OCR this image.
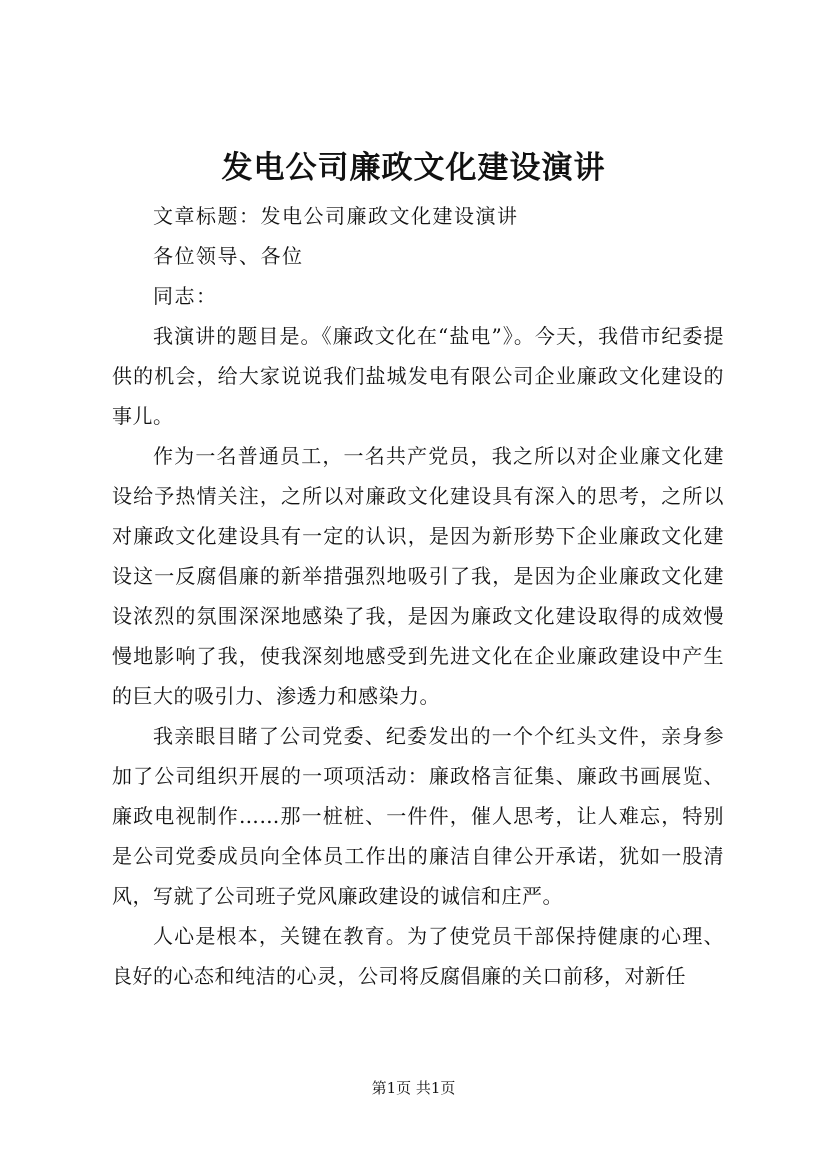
发电公司廉政文化建设演讲

文章标题：发电公司廉政文化建设演讲

各位领导、各位

同志：

我演讲的题目是。《廉政文化在“盐电”》。今天，我借市纪委提供的机会，给大家说说我们盐城发电有限公司企业廉政文化建设的事儿。

作为一名普通员工，一名共产党员，我之所以对企业廉文化建设给予热情关注，之所以对廉政文化建设具有深入的思考，之所以对廉政文化建设具有一定的认识，是因为新形势下企业廉政文化建设这一反腐倡廉的新举措强烈地吸引了我，是因为企业廉政文化建设浓烈的氛围深深地感染了我，是因为廉政文化建设取得的成效慢慢地影响了我，使我深刻地感受到先进文化在企业廉政建设中产生的巨大的吸引力、渗透力和感染力。

我亲眼目睹了公司党委、纪委发出的一个个红头文件，亲身参加了公司组织开展的一项项活动：廉政格言征集、廉政书画展览、廉政电视制作……那一桩桩、一件件，催人思考，让人难忘，特别是公司党委成员向全体员工作出的廉洁自律公开承诺，犹如一股清风，写就了公司班子党风廉政建设的诚信和庄严。

人心是根本，关键在教育。为了使党员干部保持健康的心理、良好的心态和纯洁的心灵，公司将反腐倡廉的关口前移，对新任

第1页 共1页
